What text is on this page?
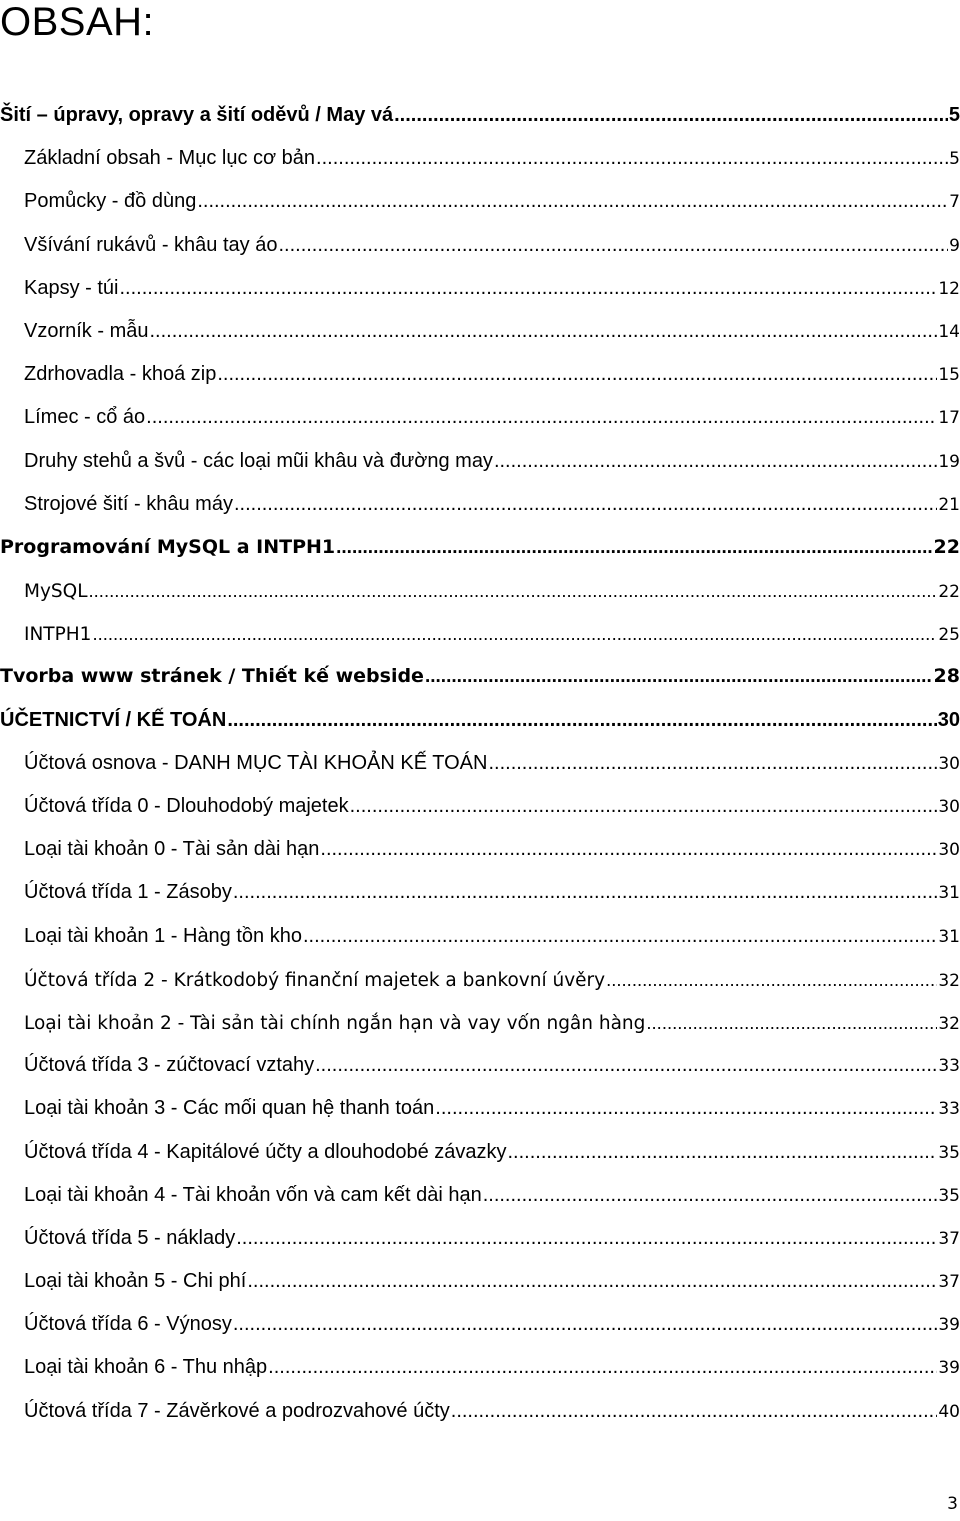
OBSAH:
Šití – úpravy, opravy a šití oděvů / May vá .....	5
Základní obsah - Mục lục cơ bản .....	5
Pomůcky - đồ dùng .....	7
Všívání rukávů - khâu tay áo .....	9
Kapsy - túi .....	12
Vzorník - mẫu .....	14
Zdrhovadla - khoá zip .....	15
Límec - cổ áo .....	17
Druhy stehů a švů - các loại mũi khâu và đường may .....	19
Strojové šití - khâu máy .....	21
Programování MySQL a INTPH1 .....	22
MySQL .....	22
INTPH1 .....	25
Tvorba www stránek / Thiết kế webside .....	28
ÚČETNICTVÍ / KẾ TOÁN .....	30
Účtová osnova - DANH MỤC TÀI KHOẢN KẾ TOÁN .....	30
Účtová třída 0 - Dlouhodobý majetek .....	30
Loại tài khoản 0 - Tài sản dài hạn .....	30
Účtová třída 1 - Zásoby .....	31
Loại tài khoản 1 - Hàng tồn kho .....	31
Účtová třída 2 - Krátkodobý finanční majetek a bankovní úvěry .....	32
Loại tài khoản 2 - Tài sản tài chính ngắn hạn và vay vốn ngân hàng .....	32
Účtová třída 3 - zúčtovací vztahy .....	33
Loại tài khoản 3 - Các mối quan hệ thanh toán .....	33
Účtová třída 4 - Kapitálové účty a dlouhodobé závazky .....	35
Loại tài khoản 4 - Tài khoản vốn và cam kết dài hạn .....	35
Účtová třída 5 - náklady .....	37
Loại tài khoản 5 - Chi phí .....	37
Účtová třída 6 - Výnosy .....	39
Loại tài khoản 6 - Thu nhập .....	39
Účtová třída 7 - Závěrkové a podrozvahové účty .....	40
3
